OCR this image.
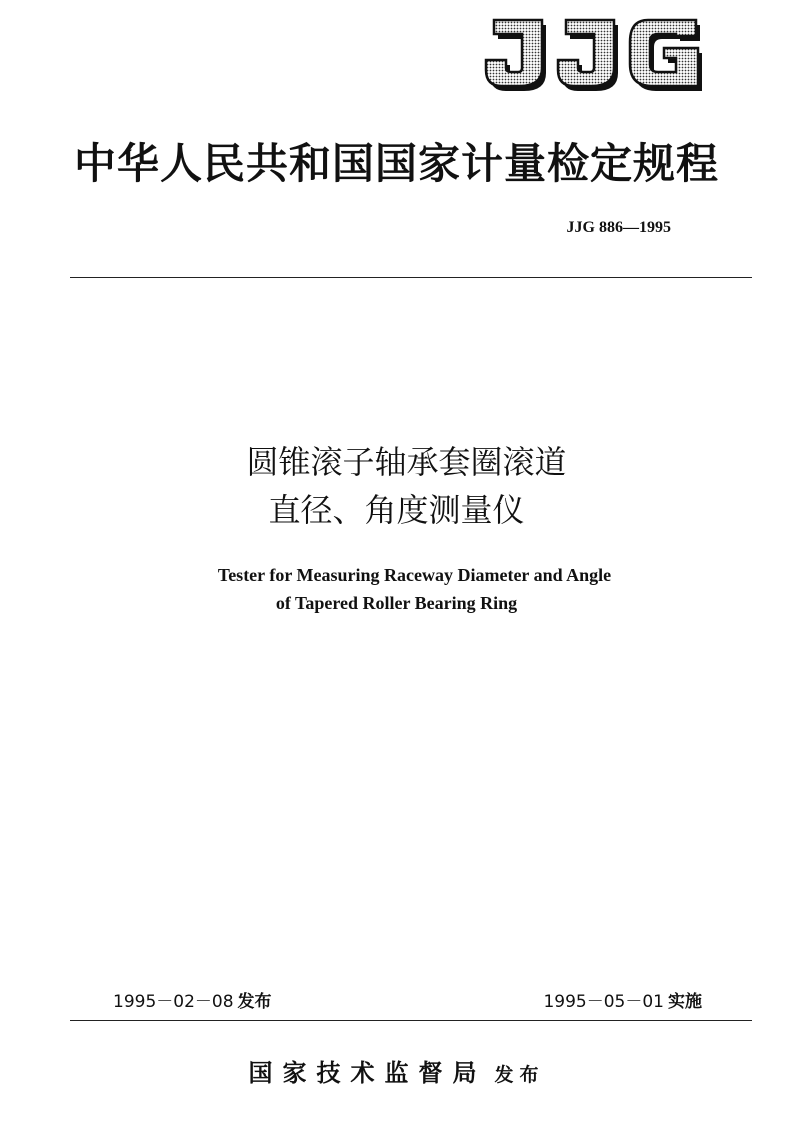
JJG
中华人民共和国国家计量检定规程
JJG 886—1995
圆锥滚子轴承套圈滚道
直径、角度测量仪
Tester for Measuring Raceway Diameter and Angle
of Tapered Roller Bearing Ring
1995－02－08 发布	1995－05－01 实施
国家技术监督局 发布
